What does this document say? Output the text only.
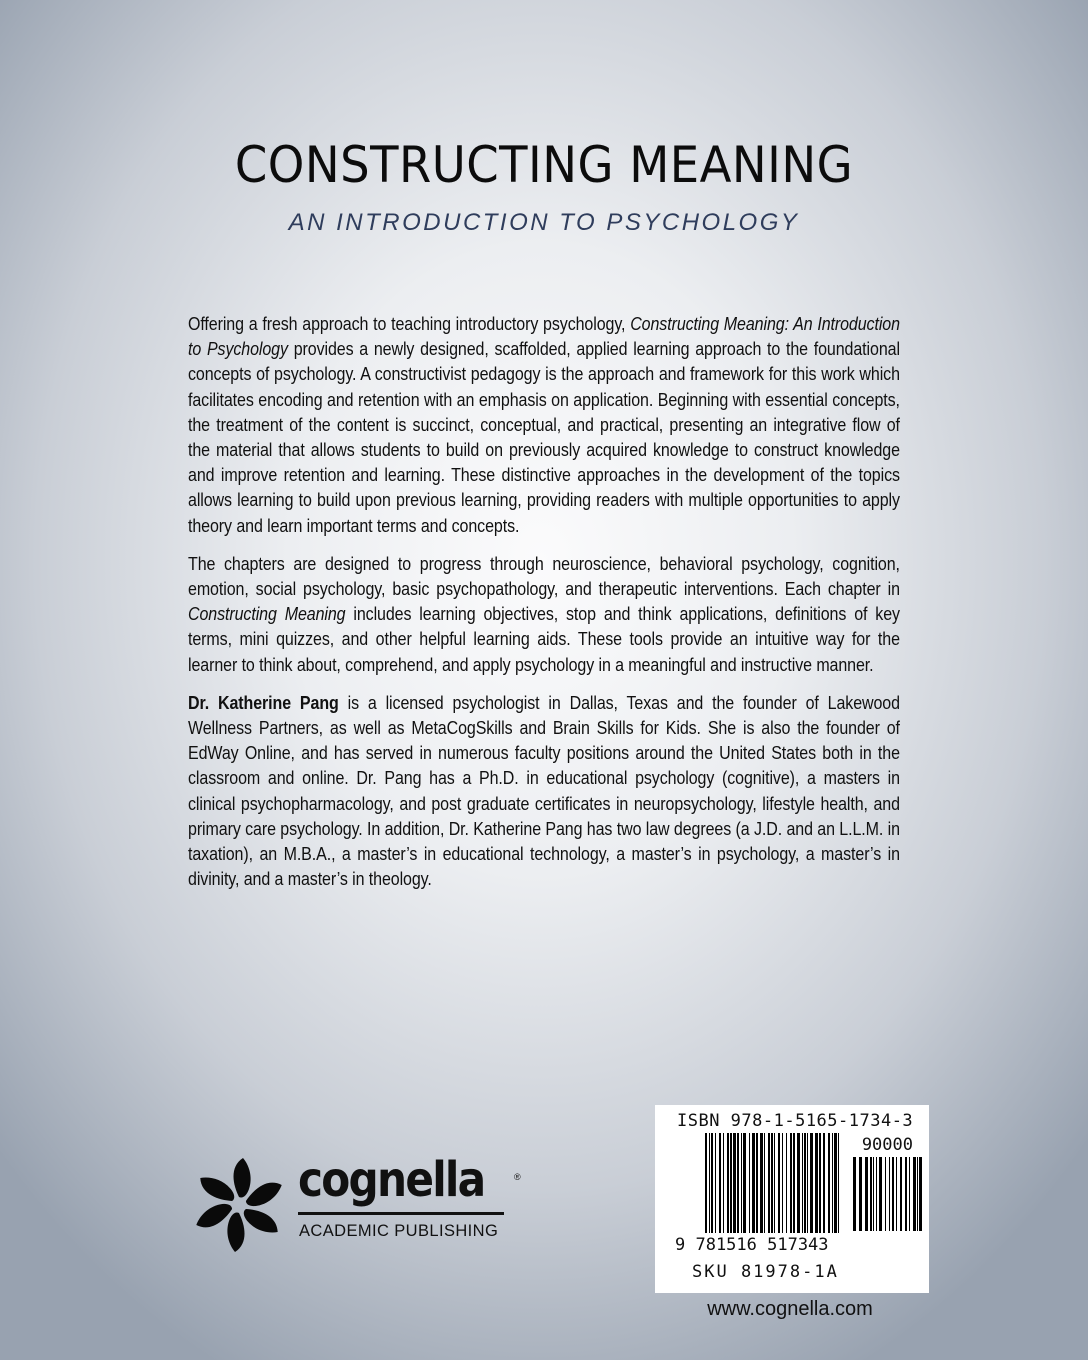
CONSTRUCTING MEANING
AN INTRODUCTION TO PSYCHOLOGY

Offering a fresh approach to teaching introductory psychology, Constructing Meaning: An Introduction to Psychology provides a newly designed, scaffolded, applied learning approach to the foundational concepts of psychology. A constructivist pedagogy is the approach and framework for this work which facilitates encoding and retention with an emphasis on application. Beginning with essential concepts, the treatment of the content is succinct, conceptual, and practical, presenting an integrative flow of the material that allows students to build on previously acquired knowledge to construct knowledge and improve retention and learning. These distinctive approaches in the development of the topics allows learning to build upon previous learning, providing readers with multiple opportunities to apply theory and learn important terms and concepts.

The chapters are designed to progress through neuroscience, behavioral psychology, cognition, emotion, social psychology, basic psychopathology, and therapeutic interventions. Each chapter in Constructing Meaning includes learning objectives, stop and think applications, definitions of key terms, mini quizzes, and other helpful learning aids. These tools provide an intuitive way for the learner to think about, comprehend, and apply psychology in a meaningful and instructive manner.

Dr. Katherine Pang is a licensed psychologist in Dallas, Texas and the founder of Lakewood Wellness Partners, as well as MetaCogSkills and Brain Skills for Kids. She is also the founder of EdWay Online, and has served in numerous faculty positions around the United States both in the classroom and online. Dr. Pang has a Ph.D. in educational psychology (cognitive), a masters in clinical psychopharmacology, and post graduate certificates in neuropsychology, lifestyle health, and primary care psychology. In addition, Dr. Katherine Pang has two law degrees (a J.D. and an L.L.M. in taxation), an M.B.A., a master’s in educational technology, a master’s in psychology, a master’s in divinity, and a master’s in theology.

cognella	®
ACADEMIC PUBLISHING
ISBN 978-1-5165-1734-3
90000
9 781516 517343
SKU 81978-1A
www.cognella.com
